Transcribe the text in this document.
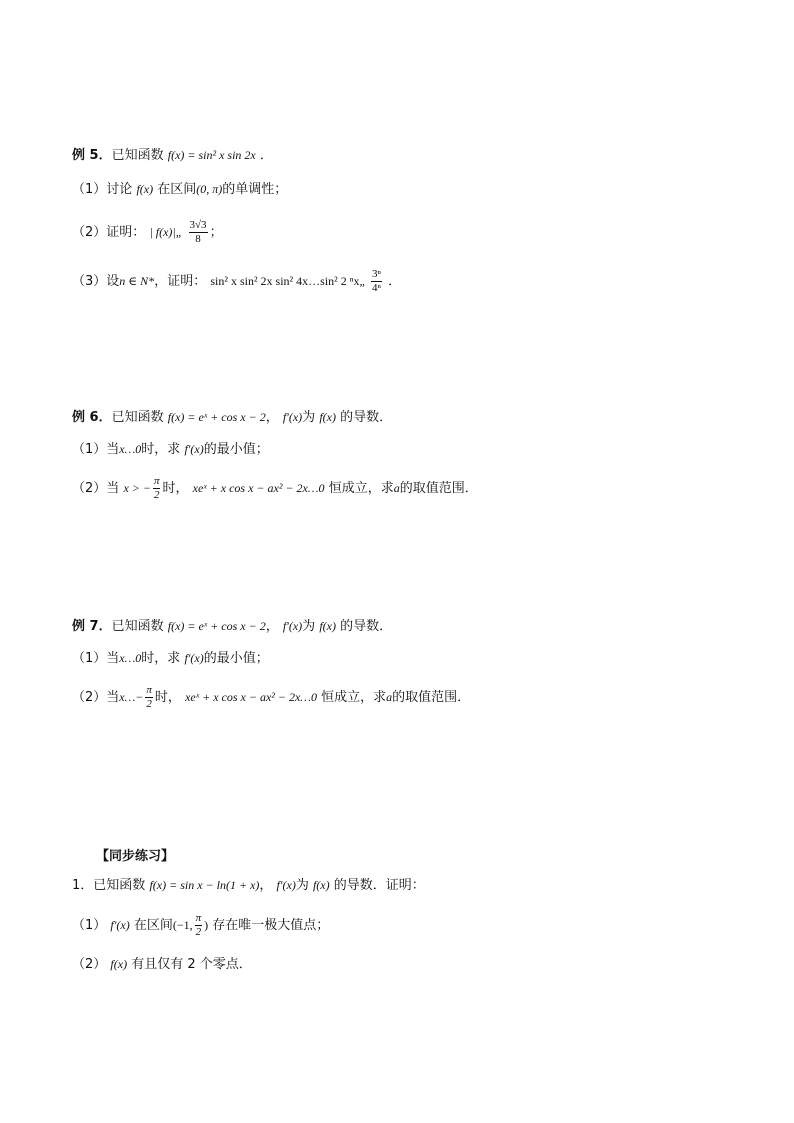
例 5．已知函数 f(x) = sin² x sin 2x ．
（1）讨论 f(x) 在区间(0, π)的单调性；
（2）证明： | f(x)|„ $\frac{3√3}{8}$ ；
（3）设n ∈ N*，证明： sin² x sin² 2x sin² 4x…sin² 2 ⁿx„ $\frac{\text{3ⁿ}}{\text{4ⁿ}}$ ．
例 6．已知函数 f(x) = eˣ + cos x − 2， f′(x)为 f(x) 的导数．
（1）当x…0时，求 f′(x)的最小值；
（2）当 x > − $\frac{\pi}{2}$ 时， xeˣ + x cos x − ax² − 2x…0 恒成立，求a的取值范围．
例 7．已知函数 f(x) = eˣ + cos x − 2， f′(x)为 f(x) 的导数．
（1）当x…0时，求 f′(x)的最小值；
（2）当x…− $\frac{\pi}{2}$ 时， xeˣ + x cos x − ax² − 2x…0 恒成立，求a的取值范围．
【同步练习】
1．已知函数 f(x) = sin x − ln(1 + x)， f′(x)为 f(x) 的导数．证明：
（1） f′(x) 在区间(−1, $\frac{\pi}{2}$ ) 存在唯一极大值点；
（2） f(x) 有且仅有 2 个零点．
